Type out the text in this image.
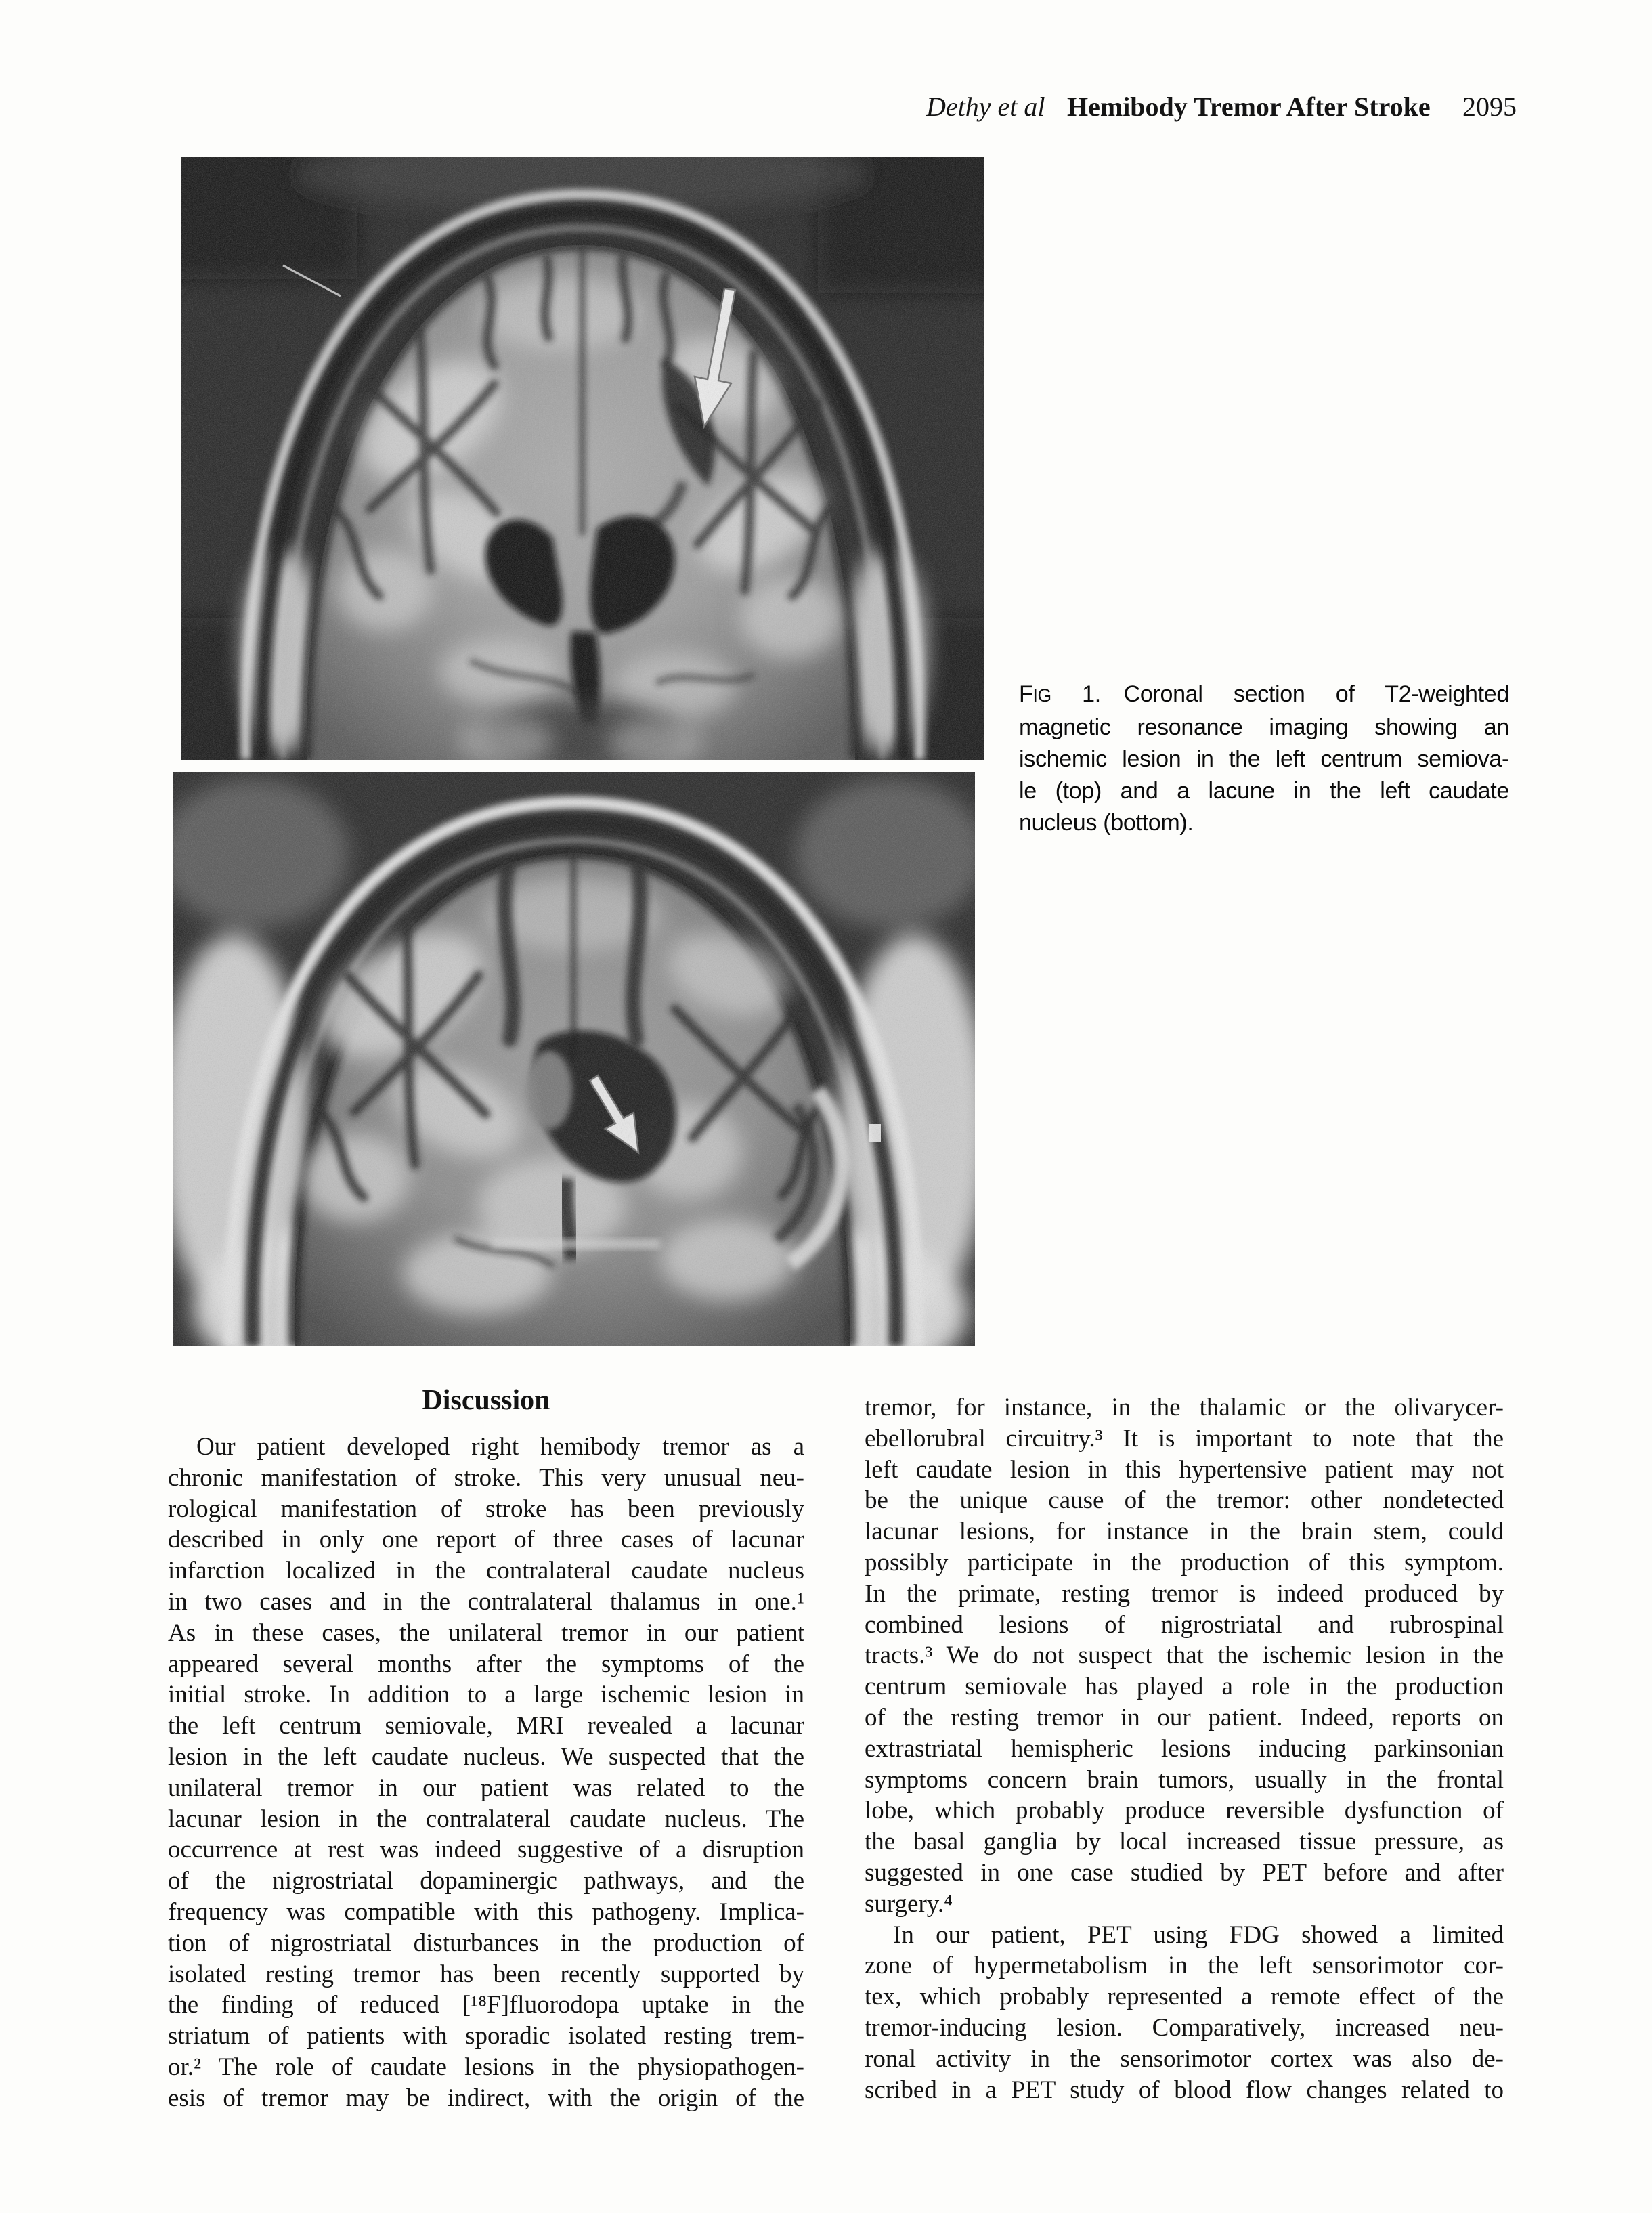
Dethy et al Hemibody Tremor After Stroke 2095
FIG 1. Coronal section of T2-weighted
magnetic resonance imaging showing an
ischemic lesion in the left centrum semiova-
le (top) and a lacune in the left caudate
nucleus (bottom).
Discussion
Our patient developed right hemibody tremor as a
chronic manifestation of stroke. This very unusual neu-
rological manifestation of stroke has been previously
described in only one report of three cases of lacunar
infarction localized in the contralateral caudate nucleus
in two cases and in the contralateral thalamus in one.¹
As in these cases, the unilateral tremor in our patient
appeared several months after the symptoms of the
initial stroke. In addition to a large ischemic lesion in
the left centrum semiovale, MRI revealed a lacunar
lesion in the left caudate nucleus. We suspected that the
unilateral tremor in our patient was related to the
lacunar lesion in the contralateral caudate nucleus. The
occurrence at rest was indeed suggestive of a disruption
of the nigrostriatal dopaminergic pathways, and the
frequency was compatible with this pathogeny. Implica-
tion of nigrostriatal disturbances in the production of
isolated resting tremor has been recently supported by
the finding of reduced [¹⁸F]fluorodopa uptake in the
striatum of patients with sporadic isolated resting trem-
or.² The role of caudate lesions in the physiopathogen-
esis of tremor may be indirect, with the origin of the
tremor, for instance, in the thalamic or the olivarycer-
ebellorubral circuitry.³ It is important to note that the
left caudate lesion in this hypertensive patient may not
be the unique cause of the tremor: other nondetected
lacunar lesions, for instance in the brain stem, could
possibly participate in the production of this symptom.
In the primate, resting tremor is indeed produced by
combined lesions of nigrostriatal and rubrospinal
tracts.³ We do not suspect that the ischemic lesion in the
centrum semiovale has played a role in the production
of the resting tremor in our patient. Indeed, reports on
extrastriatal hemispheric lesions inducing parkinsonian
symptoms concern brain tumors, usually in the frontal
lobe, which probably produce reversible dysfunction of
the basal ganglia by local increased tissue pressure, as
suggested in one case studied by PET before and after
surgery.⁴
In our patient, PET using FDG showed a limited
zone of hypermetabolism in the left sensorimotor cor-
tex, which probably represented a remote effect of the
tremor-inducing lesion. Comparatively, increased neu-
ronal activity in the sensorimotor cortex was also de-
scribed in a PET study of blood flow changes related to
